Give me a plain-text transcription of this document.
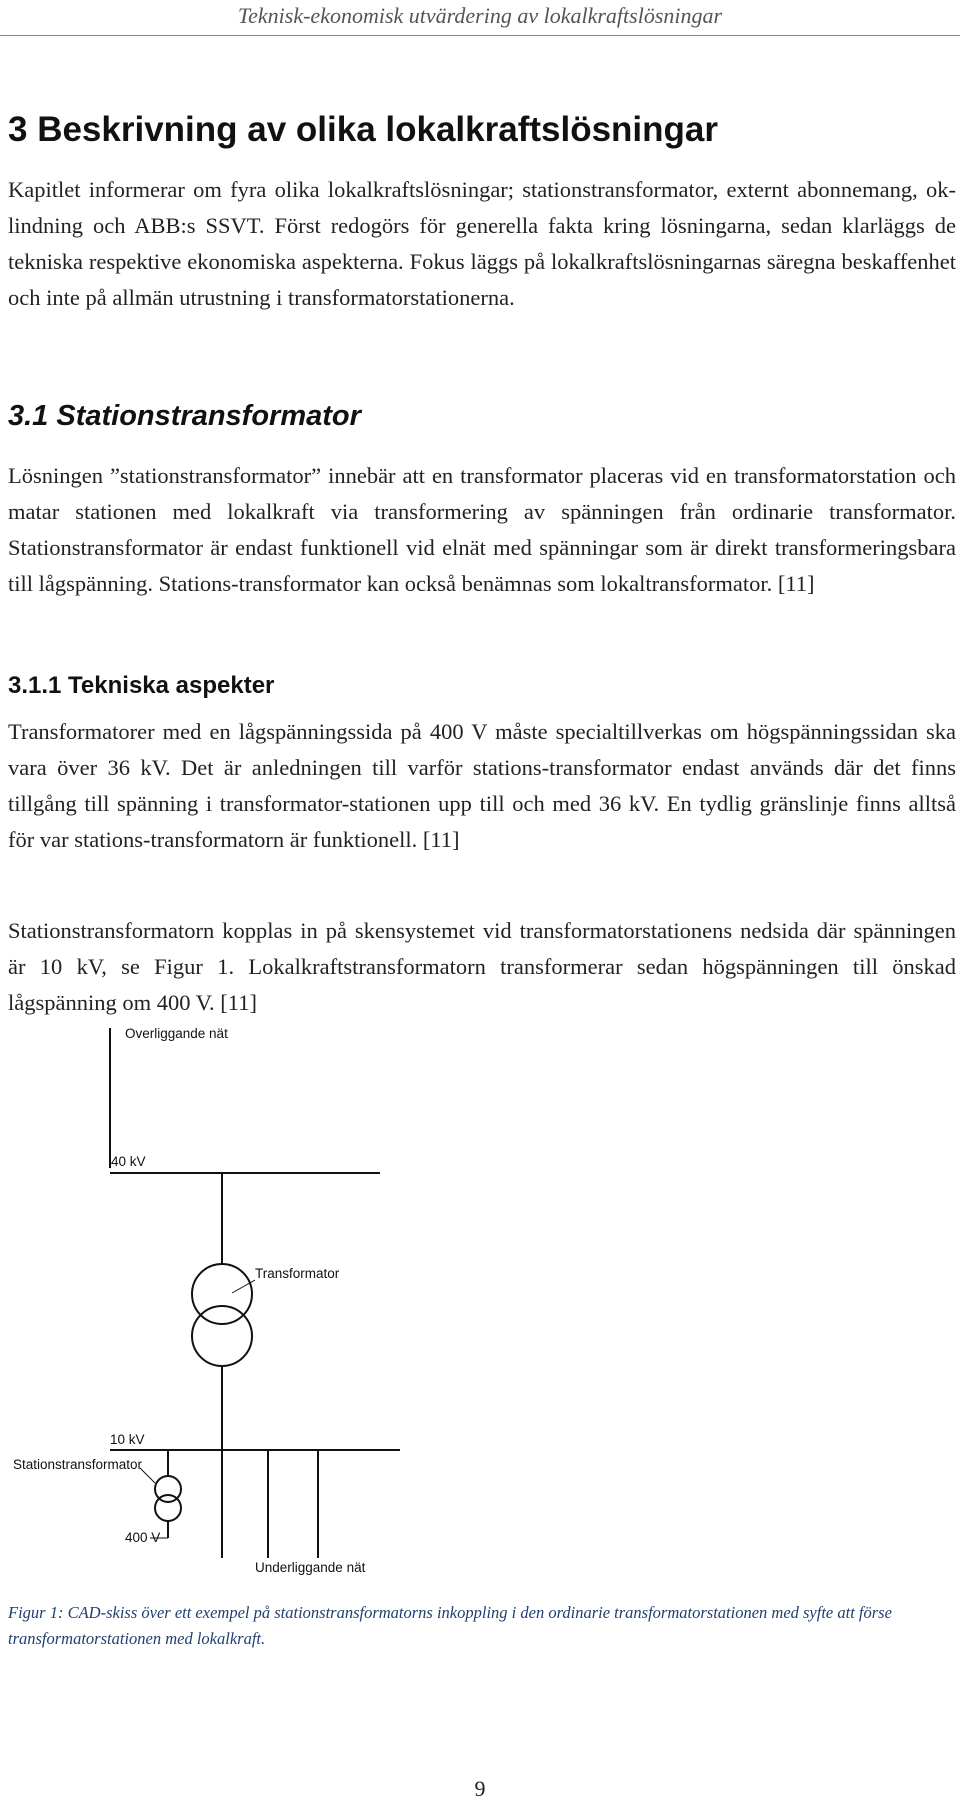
Teknisk-ekonomisk utvärdering av lokalkraftslösningar
3 Beskrivning av olika lokalkraftslösningar
Kapitlet informerar om fyra olika lokalkraftslösningar; stationstransformator, externt abonnemang, ok-lindning och ABB:s SSVT. Först redogörs för generella fakta kring lösningarna, sedan klarläggs de tekniska respektive ekonomiska aspekterna. Fokus läggs på lokalkraftslösningarnas säregna beskaffenhet och inte på allmän utrustning i transformatorstationerna.
3.1 Stationstransformator
Lösningen ”stationstransformator” innebär att en transformator placeras vid en transformatorstation och matar stationen med lokalkraft via transformering av spänningen från ordinarie transformator. Stationstransformator är endast funktionell vid elnät med spänningar som är direkt transformeringsbara till lågspänning. Stations-transformator kan också benämnas som lokaltransformator. [11]
3.1.1 Tekniska aspekter
Transformatorer med en lågspänningssida på 400 V måste specialtillverkas om högspänningssidan ska vara över 36 kV. Det är anledningen till varför stations-transformator endast används där det finns tillgång till spänning i transformator-stationen upp till och med 36 kV. En tydlig gränslinje finns alltså för var stations-transformatorn är funktionell. [11]
Stationstransformatorn kopplas in på skensystemet vid transformatorstationens nedsida där spänningen är 10 kV, se Figur 1. Lokalkraftstransformatorn transformerar sedan högspänningen till önskad lågspänning om 400 V. [11]
Överliggande nät
40 kV
Transformator
10 kV
Stationstransformator
400 V
Underliggande nät
Figur 1: CAD-skiss över ett exempel på stationstransformatorns inkoppling i den ordinarie transformatorstationen med syfte att förse transformatorstationen med lokalkraft.
9
